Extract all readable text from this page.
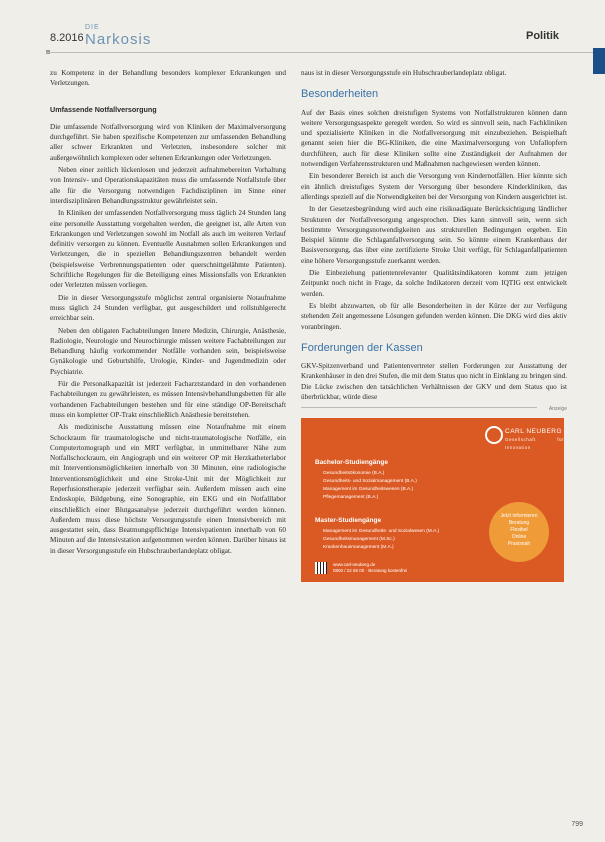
8.2016
DIE
Narkosis	Politik

zu Kompetenz in der Behandlung besonders komplexer Erkrankungen und Verletzungen.

Umfassende Notfallversorgung

Die umfassende Notfallversorgung wird von Kliniken der Maximalversorgung durchgeführt. Sie haben spezifische Kompetenzen zur umfassenden Behandlung aller schwer Erkrankten und Verletzten, insbesondere solcher mit außergewöhnlich komplexen oder seltenen Erkrankungen oder Verletzungen.

Neben einer zeitlich lückenlosen und jederzeit aufnahmebereiten Vorhaltung von Intensiv- und Operationskapazitäten muss die umfassende Notfallstufe über alle für die Versorgung notwendigen Fachdisziplinen im Sinne einer interdisziplinären Behandlungsstruktur gewährleistet sein.

In Kliniken der umfassenden Notfallversorgung muss täglich 24 Stunden lang eine personelle Ausstattung vorgehalten werden, die geeignet ist, alle Arten von Erkrankungen und Verletzungen sowohl im Notfall als auch im weiteren Verlauf definitiv versorgen zu können. Eventuelle Ausnahmen sollen Erkrankungen und Verletzungen, die in speziellen Behandlungszentren behandelt werden (beispielsweise Verbrennungspatienten oder querschnittgelähmte Patienten). Schriftliche Regelungen für die Beteiligung eines Missionsfalls von Erkrankten oder Verletzten müssen vorliegen.

Die in dieser Versorgungsstufe möglichst zentral organisierte Notaufnahme muss täglich 24 Stunden verfügbar, gut ausgeschildert und rollstuhlgerecht erreichbar sein.

Neben den obligaten Fachabteilungen Innere Medizin, Chirurgie, Anästhesie, Radiologie, Neurologie und Neurochirurgie müssen weitere Fachabteilungen zur Behandlung häufig vorkommender Notfälle vorhanden sein, beispielsweise Gynäkologie und Geburtshilfe, Urologie, Kinder- und Jugendmedizin oder Psychiatrie.

Für die Personalkapazität ist jederzeit Facharztstandard in den vorhandenen Fachabteilungen zu gewährleisten, es müssen Intensivbehandlungsbetten für alle vorhandenen Fachabteilungen bestehen und für eine ständige OP-Bereitschaft muss ein kompletter OP-Trakt einschließlich Anästhesie bereitstehen.

Als medizinische Ausstattung müssen eine Notaufnahme mit einem Schockraum für traumatologische und nicht-traumatologische Notfälle, ein Computertomograph und ein MRT verfügbar, in unmittelbarer Nähe zum Notfallschockraum, ein Angiograph und ein weiterer OP mit Herzkatheterlabor mit Interventionsmöglichkeiten innerhalb von 30 Minuten, eine radiologische Interventionsmöglichkeit und eine Stroke-Unit mit der Möglichkeit zur Reperfusionstherapie jederzeit verfügbar sein. Außerdem müssen auch eine Endoskopie, Bildgebung, eine Sonographie, ein EKG und ein Notfalllabor einschließlich einer Blutgasanalyse jederzeit durchgeführt werden können. Außerdem muss diese höchste Versorgungsstufe einen Intensivbereich mit ausgestattet sein, dass Beatmungspflichtige Intensivpatienten innerhalb von 60 Minuten auf die Intensivstation aufgenommen werden können. Darüber hinaus ist in dieser Versorgungsstufe ein Hubschrauberlandeplatz obligat.

naus ist in dieser Versorgungsstufe ein Hubschrauberlandeplatz obligat.

Besonderheiten

Auf der Basis eines solchen dreistufigen Systems von Notfallstrukturen können dann weitere Versorgungsaspekte geregelt werden. So wird es sinnvoll sein, nach Fachkliniken und spezialisierte Kliniken in die Notfallversorgung mit einzubeziehen. Beispielhaft genannt seien hier die BG-Kliniken, die eine Maximalversorgung von Unfallopfern durchführen, auch für diese Kliniken sollte eine Zuständigkeit der Aufnahmen der notwendigen Verfahrensstrukturen und Maßnahmen nachgewiesen werden können.

Ein besonderer Bereich ist auch die Versorgung von Kindernotfällen. Hier könnte sich ein ähnlich dreistufiges System der Versorgung über besondere Kinderkliniken, das allerdings speziell auf die Notwendigkeiten bei der Versorgung von Kindern ausgerichtet ist.

In der Gesetzesbegründung wird auch eine risikoadäquate Berücksichtigung ländlicher Strukturen der Notfallversorgung angesprochen. Dies kann sinnvoll sein, wenn sich bestimmte Versorgungsnotwendigkeiten aus strukturellen Bedingungen ergeben. Ein Beispiel könnte die Schlaganfallversorgung sein. So könnte einem Krankenhaus der Basisversorgung, das über eine zertifizierte Stroke Unit verfügt, für Schlaganfallpatienten eine höhere Versorgungsstufe zuerkannt werden.

Die Einbeziehung patientenrelevanter Qualitätsindikatoren kommt zum jetzigen Zeitpunkt noch nicht in Frage, da solche Indikatoren derzeit vom IQTIG erst entwickelt werden.

Es bleibt abzuwarten, ob für alle Besonderheiten in der Kürze der zur Verfügung stehenden Zeit angemessene Lösungen gefunden werden können. Die DKG wird dies aktiv voranbringen.

Forderungen der Kassen

GKV-Spitzenverband und Patientenvertreter stellen Forderungen zur Ausstattung der Krankenhäuser in den drei Stufen, die mit dem Status quo nicht in Einklang zu bringen sind. Die Lücke zwischen den tatsächlichen Verhältnissen der GKV und dem Status quo ist überbrückbar, würde diese

Anzeige
CARL NEUBERG
Gesellschaft für Innovation
Bachelor-Studiengänge
Gesundheitsökonomie (B.A.)
Gesundheits- und Sozialmanagement (B.A.)
Management im Gesundheitswesen (B.A.)
Pflegemanagement (B.A.)
Master-Studiengänge
Management im Gesundheits- und Sozialwesen (M.A.)
Gesundheitsmanagement (M.Sc.)
Krankenhausmanagement (M.A.)
Jetzt informieren
Beratung
Flexibel
Online
Praxisnah
www.carl-neuberg.de
0800 / 22 55 00 · Beratung kostenfrei
799
